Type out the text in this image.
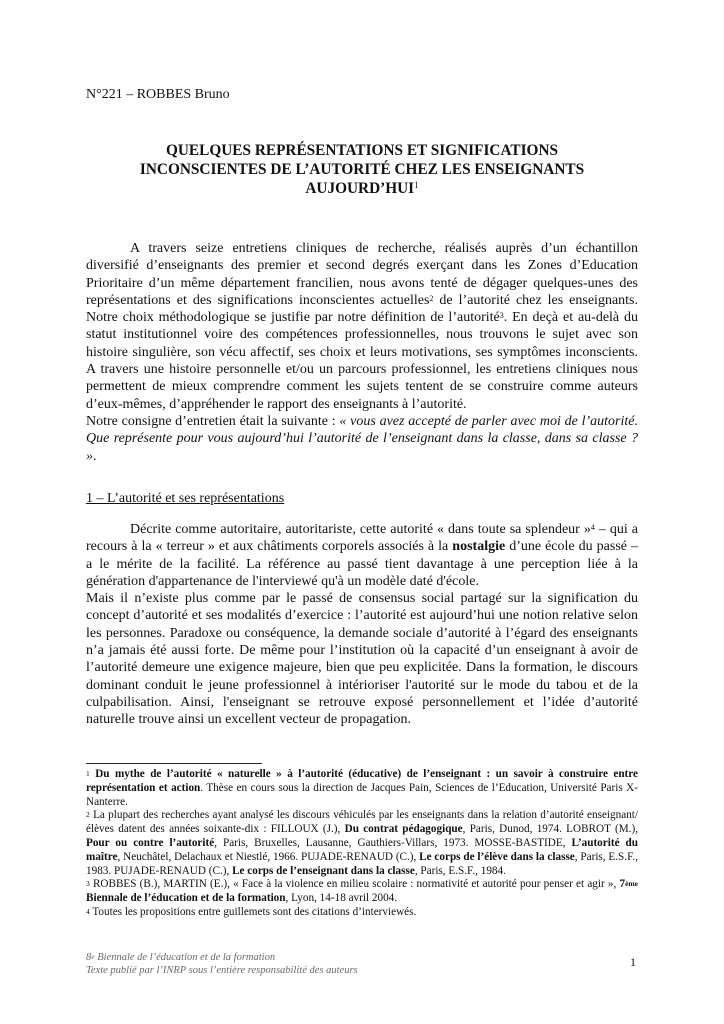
N°221 – ROBBES Bruno
QUELQUES REPRÉSENTATIONS ET SIGNIFICATIONS
INCONSCIENTES DE L’AUTORITÉ CHEZ LES ENSEIGNANTS
AUJOURD’HUI$^1$

A travers seize entretiens cliniques de recherche, réalisés auprès d’un échantillon diversifié d’enseignants des premier et second degrés exerçant dans les Zones d’Education Prioritaire d’un même département francilien, nous avons tenté de dégager quelques-unes des représentations et des significations inconscientes actuelles$^2$ de l’autorité chez les enseignants. Notre choix méthodologique se justifie par notre définition de l’autorité$^3$. En deçà et au-delà du statut institutionnel voire des compétences professionnelles, nous trouvons le sujet avec son histoire singulière, son vécu affectif, ses choix et leurs motivations, ses symptômes inconscients. A travers une histoire personnelle et/ou un parcours professionnel, les entretiens cliniques nous permettent de mieux comprendre comment les sujets tentent de se construire comme auteurs d’eux-mêmes, d’appréhender le rapport des enseignants à l’autorité.

Notre consigne d’entretien était la suivante : « vous avez accepté de parler avec moi de l’autorité. Que représente pour vous aujourd’hui l’autorité de l’enseignant dans la classe, dans sa classe ? ».

1 – L’autorité et ses représentations

Décrite comme autoritaire, autoritariste, cette autorité « dans toute sa splendeur »$^4$ – qui a recours à la « terreur » et aux châtiments corporels associés à la nostalgie d’une école du passé – a le mérite de la facilité. La référence au passé tient davantage à une perception liée à la génération d'appartenance de l'interviewé qu'à un modèle daté d'école.

Mais il n’existe plus comme par le passé de consensus social partagé sur la signification du concept d’autorité et ses modalités d’exercice : l’autorité est aujourd’hui une notion relative selon les personnes. Paradoxe ou conséquence, la demande sociale d’autorité à l’égard des enseignants n’a jamais été aussi forte. De même pour l’institution où la capacité d’un enseignant à avoir de l’autorité demeure une exigence majeure, bien que peu explicitée. Dans la formation, le discours dominant conduit le jeune professionnel à intérioriser l'autorité sur le mode du tabou et de la culpabilisation. Ainsi, l'enseignant se retrouve exposé personnellement et l’idée d’autorité naturelle trouve ainsi un excellent vecteur de propagation.

$^1$ Du mythe de l’autorité « naturelle » à l’autorité (éducative) de l’enseignant : un savoir à construire entre représentation et action. Thèse en cours sous la direction de Jacques Pain, Sciences de l’Education, Université Paris X-Nanterre.

$^2$ La plupart des recherches ayant analysé les discours véhiculés par les enseignants dans la relation d’autorité enseignant/élèves datent des années soixante-dix : FILLOUX (J.), Du contrat pédagogique, Paris, Dunod, 1974. LOBROT (M.), Pour ou contre l’autorité, Paris, Bruxelles, Lausanne, Gauthiers-Villars, 1973. MOSSE-BASTIDE, L’autorité du maître, Neuchâtel, Delachaux et Niestlé, 1966. PUJADE-RENAUD (C.), Le corps de l’élève dans la classe, Paris, E.S.F., 1983. PUJADE-RENAUD (C.), Le corps de l’enseignant dans la classe, Paris, E.S.F., 1984.

$^3$ ROBBES (B.), MARTIN (E.), « Face à la violence en milieu scolaire : normativité et autorité pour penser et agir », 7ème Biennale de l’éducation et de la formation, Lyon, 14-18 avril 2004.

$^4$ Toutes les propositions entre guillemets sont des citations d’interviewés.

8e Biennale de l’éducation et de la formation
Texte publié par l’INRP sous l’entière responsabilité des auteurs
1
